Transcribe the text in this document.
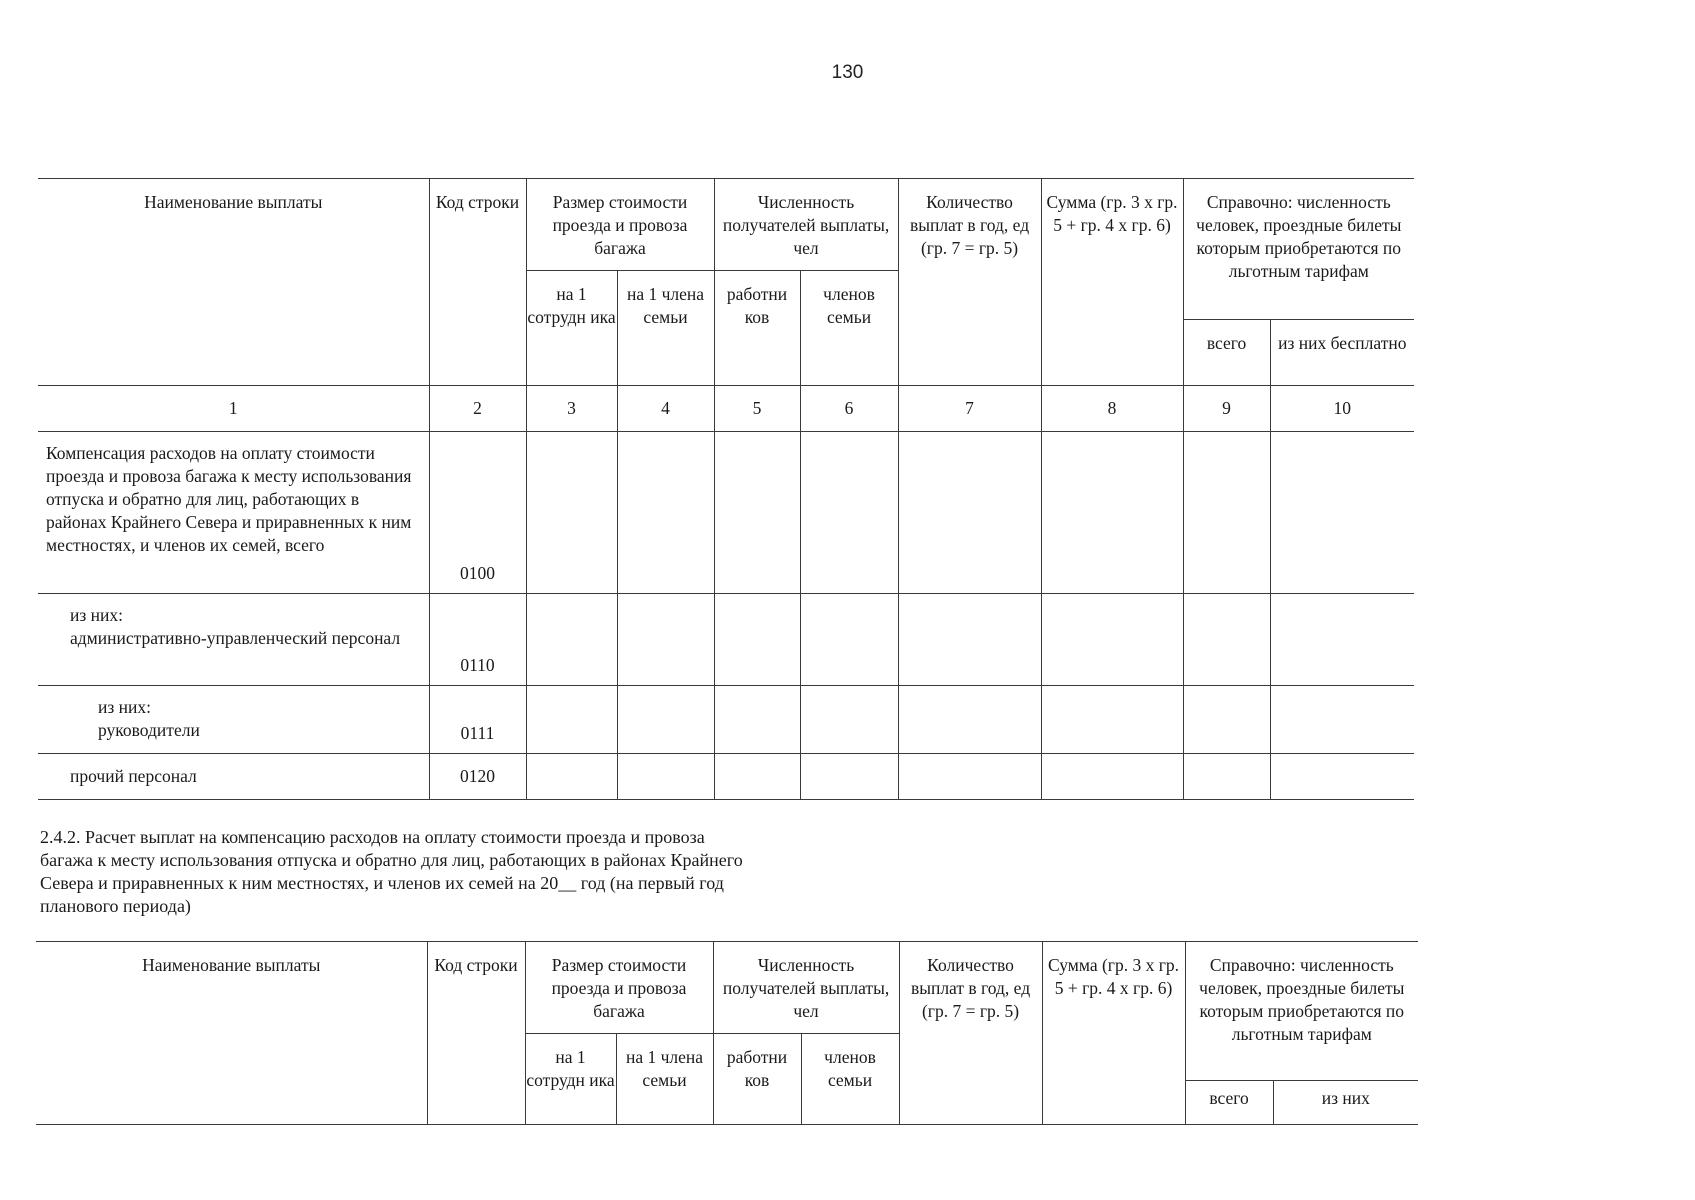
130
Наименование выплаты	Код строки	Размер стоимости проезда и провоза багажа		Численность получателей выплаты, чел		Количество выплат в год, ед (гр. 7 = гр. 5)	Сумма (гр. 3 x гр. 5 + гр. 4 x гр. 6)	Справочно: численность человек, проездные билеты которым приобретаются по льготным тарифам	
		на 1 сотрудн ика	на 1 члена семьи	работни ков	членов семьи				
								всего	из них бесплатно
1	2	3	4	5	6	7	8	9	10
Компенсация расходов на оплату стоимости проезда и провоза багажа к месту использования отпуска и обратно для лиц, работающих в районах Крайнего Севера и приравненных к ним местностях, и членов их семей, всего	0100								

из них:
административно-управленческий персонал	0110								

из них:
руководители	0111								
прочий персонал	0120								
2.4.2. Расчет выплат на компенсацию расходов на оплату стоимости проезда и провоза багажа к месту использования отпуска и обратно для лиц, работающих в районах Крайнего Севера и приравненных к ним местностях, и членов их семей на 20__ год (на первый год планового периода)
Наименование выплаты	Код строки	Размер стоимости проезда и провоза багажа		Численность получателей выплаты, чел		Количество выплат в год, ед (гр. 7 = гр. 5)	Сумма (гр. 3 x гр. 5 + гр. 4 x гр. 6)	Справочно: численность человек, проездные билеты которым приобретаются по льготным тарифам	
		на 1 сотрудн ика	на 1 члена семьи	работни ков	членов семьи				
								всего	из них
